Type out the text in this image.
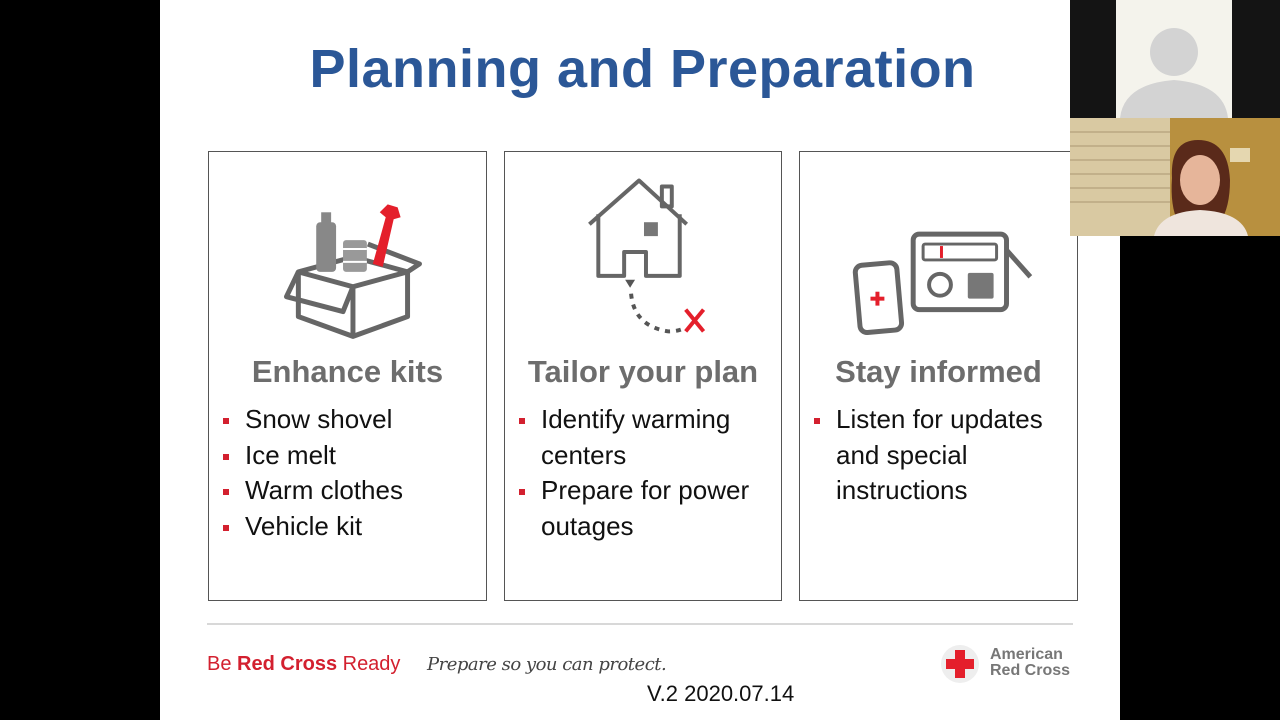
Planning and Preparation
Enhance kits
Snow shovel
Ice melt
Warm clothes
Vehicle kit
Tailor your plan
Identify warming centers
Prepare for power outages
Stay informed
Listen for updates and special instructions
Be Red Cross Ready Prepare so you can protect.
V.2 2020.07.14
American
Red Cross
